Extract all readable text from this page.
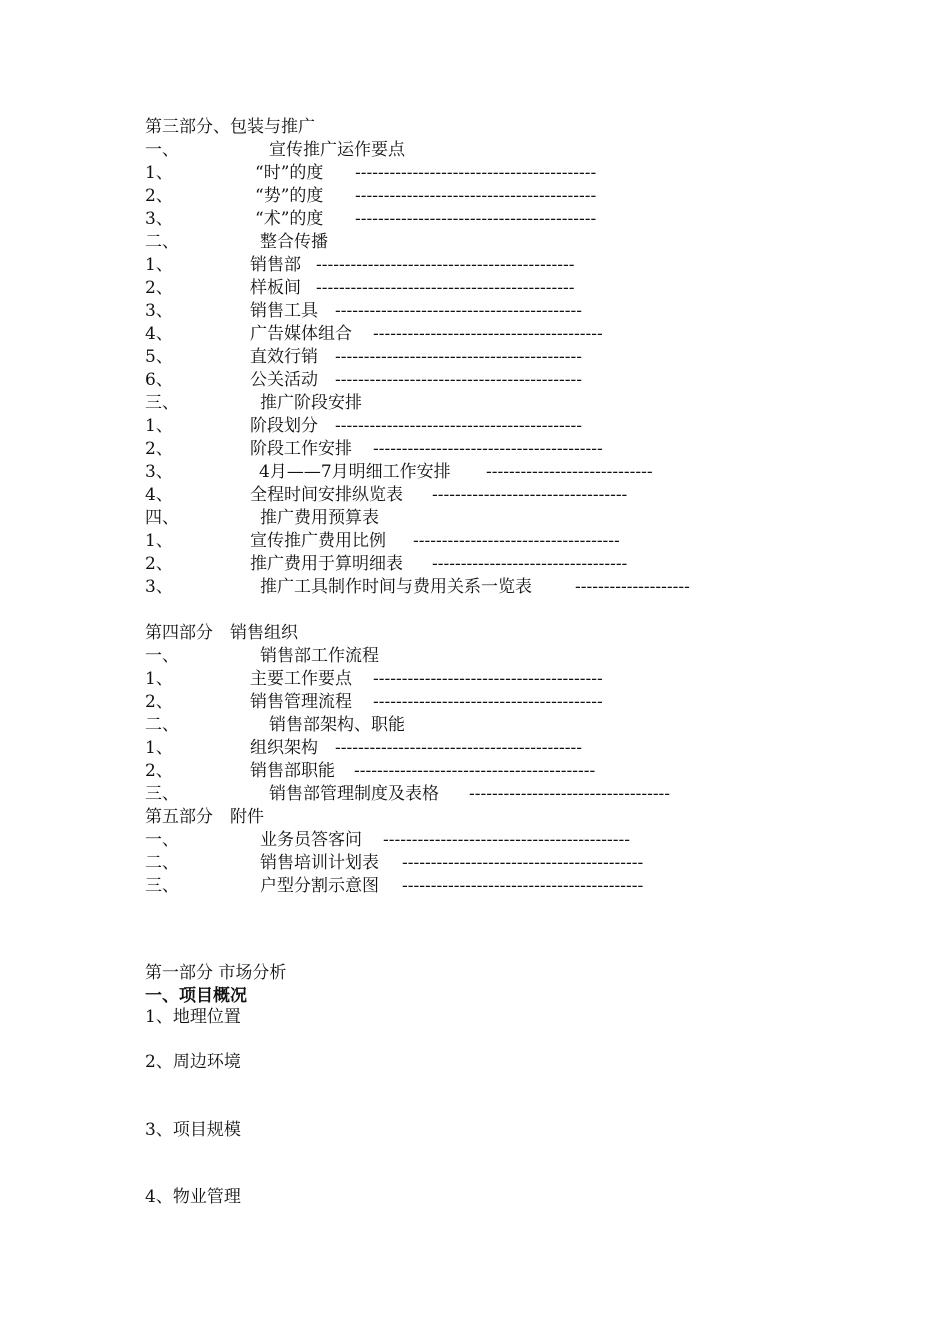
第三部分、包装与推广
一、	宣传推广运作要点
1、	“时”的度 ------------------------------------------
2、	“势”的度 ------------------------------------------
3、	“术”的度 ------------------------------------------
二、	整合传播
1、	销售部 ---------------------------------------------
2、	样板间 ---------------------------------------------
3、	销售工具 -------------------------------------------
4、	广告媒体组合 ----------------------------------------
5、	直效行销 -------------------------------------------
6、	公关活动 -------------------------------------------
三、	推广阶段安排
1、	阶段划分 -------------------------------------------
2、	阶段工作安排 ----------------------------------------
3、	4月——7月明细工作安排 -----------------------------
4、	全程时间安排纵览表 ----------------------------------
四、	推广费用预算表
1、	宣传推广费用比例 ------------------------------------
2、	推广费用于算明细表 ----------------------------------
3、	推广工具制作时间与费用关系一览表	--------------------
第四部分　销售组织
一、	销售部工作流程
1、	主要工作要点 ----------------------------------------
2、	销售管理流程 ----------------------------------------
二、	销售部架构、职能
1、	组织架构 -------------------------------------------
2、	销售部职能 ------------------------------------------
三、	销售部管理制度及表格 -----------------------------------
第五部分　附件
一、	业务员答客问 -------------------------------------------
二、	销售培训计划表 ------------------------------------------
三、	户型分割示意图 ------------------------------------------
第一部分 市场分析
一、项目概况
1、地理位置
2、周边环境
3、项目规模
4、物业管理
